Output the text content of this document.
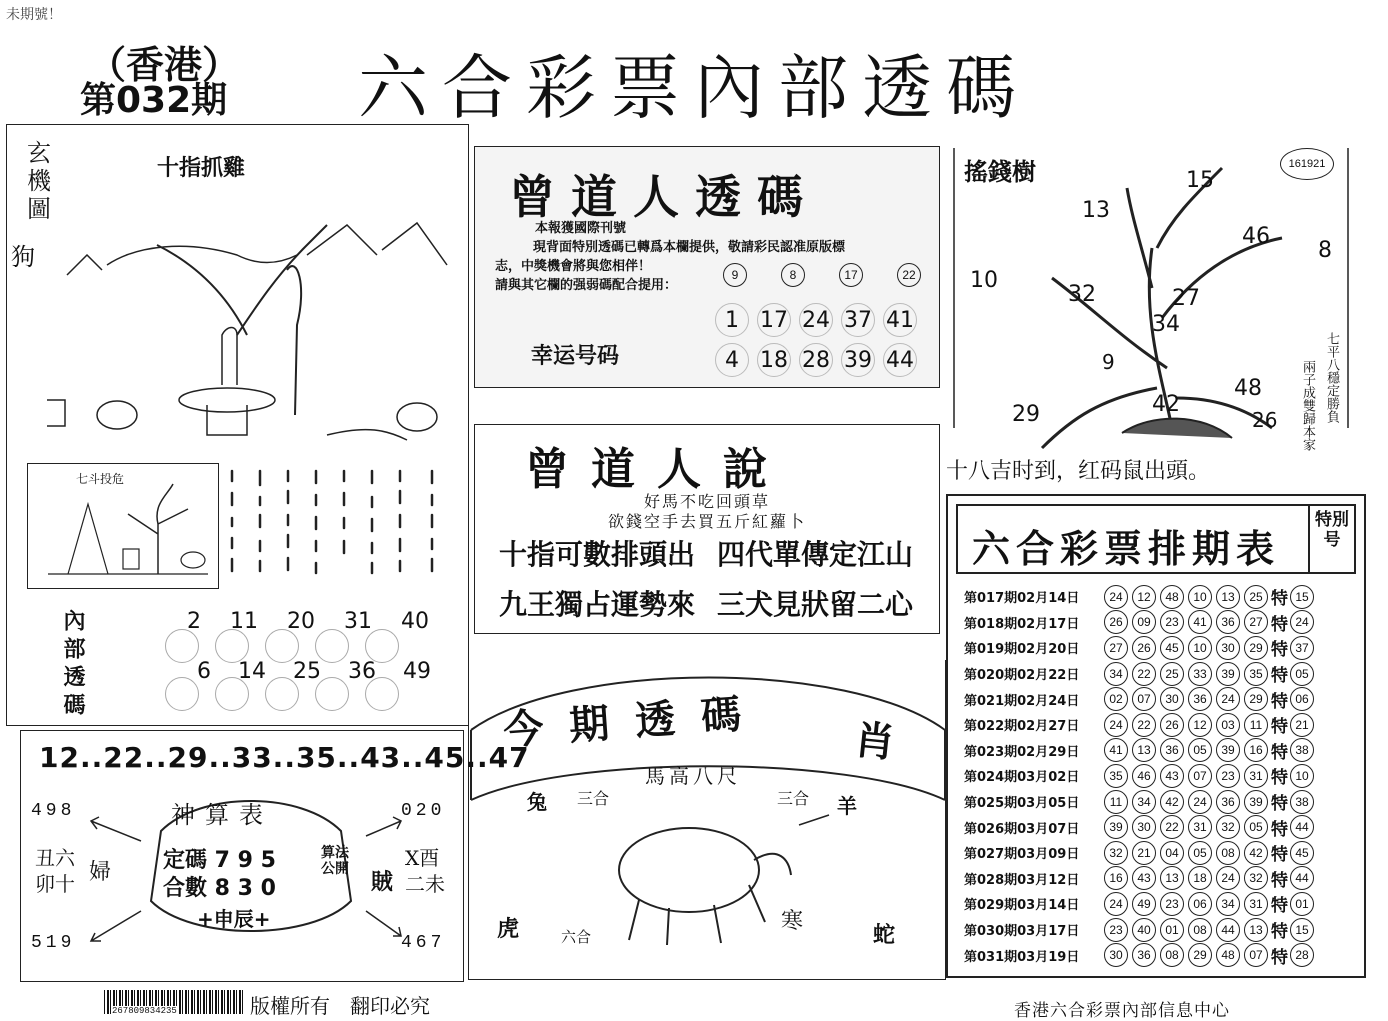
未期號！
（香港）
第032期 六合彩票內部透碼
玄
機
圖
狗
十指抓雞
七斗投危
內部透碼	2 11 20 31 40
6 14 25 36 49
曾道人透碼
本報獲國際刊號
現背面特別透碼已轉爲本欄提供，敬請彩民認准原版標
志，中獎機會將與您相伴！
請與其它欄的强弱碼配合提用：
9	8	17	22
1 17 24 37 41
幸运号码	4 18 28 39 44
曾道人說
好馬不吃回頭草
欲錢空手去買五斤紅蘿卜
十指可數排頭出 四代單傳定江山
九王獨占運勢來 三犬見狀留二心
今期透碼 肖
兔 三合
馬高八尺
三合 羊
虎	六合
寒
蛇
12..22..29..33..35..43..45..47
498	020
519	467
神算表
定碼 7 9 5
合數 8 3 0
算法公開
+申辰+
丑六
卯十 婦	賊
X酉
二未
搖錢樹	161921
15
13
46
8
10
32	27
34
9
48
42
29	26	七平八穩定勝負
兩子成雙歸本家
十八吉时到，红码鼠出頭。
六合彩票排期表
特別号
第017期02月14日	24	12	48	10	13	25 特 15
第018期02月17日	26	09	23	41	36	27 特 24
第019期02月20日	27	26	45	10	30	29 特 37
第020期02月22日	34	22	25	33	39	35 特 05
第021期02月24日	02	07	30	36	24	29 特 06
第022期02月27日	24	22	26	12	03	11 特 21
第023期02月29日	41	13	36	05	39	16 特 38
第024期03月02日	35	46	43	07	23	31 特 10
第025期03月05日	11	34	42	24	36	39 特 38
第026期03月07日	39	30	22	31	32	05 特 44
第027期03月09日	32	21	04	05	08	42 特 45
第028期03月12日	16	43	13	18	24	32 特 44
第029期03月14日	24	49	23	06	34	31 特 01
第030期03月17日	23	40	01	08	44	13 特 15
第031期03月19日	30	36	08	29	48	07 特 28
267809834235	版權所有　翻印必究	香港六合彩票內部信息中心
